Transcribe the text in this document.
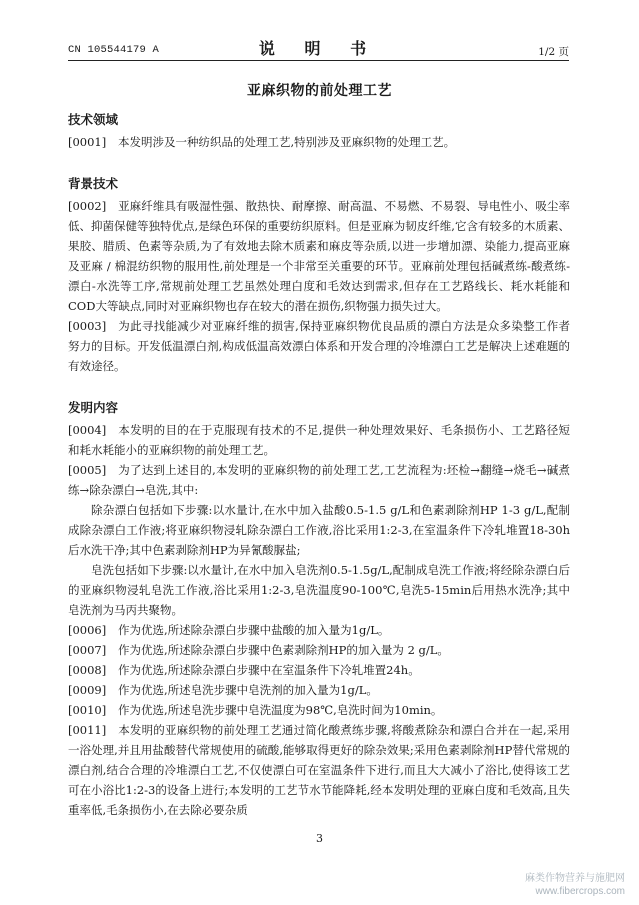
CN 105544179 A	说 明 书	1/2 页
亚麻织物的前处理工艺
技术领域

[0001] 本发明涉及一种纺织品的处理工艺,特别涉及亚麻织物的处理工艺。

背景技术

[0002] 亚麻纤维具有吸湿性强、散热快、耐摩擦、耐高温、不易燃、不易裂、导电性小、吸尘率低、抑菌保健等独特优点,是绿色环保的重要纺织原料。但是亚麻为韧皮纤维,它含有较多的木质素、果胶、腊质、色素等杂质,为了有效地去除木质素和麻皮等杂质,以进一步增加漂、染能力,提高亚麻及亚麻 / 棉混纺织物的服用性,前处理是一个非常至关重要的环节。亚麻前处理包括碱煮练-酸煮练-漂白-水洗等工序,常规前处理工艺虽然处理白度和毛效达到需求,但存在工艺路线长、耗水耗能和COD大等缺点,同时对亚麻织物也存在较大的潜在损伤,织物强力损失过大。

[0003] 为此寻找能减少对亚麻纤维的损害,保持亚麻织物优良品质的漂白方法是众多染整工作者努力的目标。开发低温漂白剂,构成低温高效漂白体系和开发合理的冷堆漂白工艺是解决上述难题的有效途径。

发明内容

[0004] 本发明的目的在于克服现有技术的不足,提供一种处理效果好、毛条损伤小、工艺路径短和耗水耗能小的亚麻织物的前处理工艺。

[0005] 为了达到上述目的,本发明的亚麻织物的前处理工艺,工艺流程为:坯检→翻缝→烧毛→碱煮练→除杂漂白→皂洗,其中:

除杂漂白包括如下步骤:以水量计,在水中加入盐酸0.5-1.5 g/L和色素剥除剂HP 1-3 g/L,配制成除杂漂白工作液;将亚麻织物浸轧除杂漂白工作液,浴比采用1:2-3,在室温条件下冷轧堆置18-30h后水洗干净;其中色素剥除剂HP为异氰酸脲盐;

皂洗包括如下步骤:以水量计,在水中加入皂洗剂0.5-1.5g/L,配制成皂洗工作液;将经除杂漂白后的亚麻织物浸轧皂洗工作液,浴比采用1:2-3,皂洗温度90-100℃,皂洗5-15min后用热水洗净;其中皂洗剂为马丙共聚物。

[0006] 作为优选,所述除杂漂白步骤中盐酸的加入量为1g/L。

[0007] 作为优选,所述除杂漂白步骤中色素剥除剂HP的加入量为 2 g/L。

[0008] 作为优选,所述除杂漂白步骤中在室温条件下冷轧堆置24h。

[0009] 作为优选,所述皂洗步骤中皂洗剂的加入量为1g/L。

[0010] 作为优选,所述皂洗步骤中皂洗温度为98℃,皂洗时间为10min。

[0011] 本发明的亚麻织物的前处理工艺通过简化酸煮练步骤,将酸煮除杂和漂白合并在一起,采用一浴处理,并且用盐酸替代常规使用的硫酸,能够取得更好的除杂效果;采用色素剥除剂HP替代常规的漂白剂,结合合理的冷堆漂白工艺,不仅使漂白可在室温条件下进行,而且大大减小了浴比,使得该工艺可在小浴比1:2-3的设备上进行;本发明的工艺节水节能降耗,经本发明处理的亚麻白度和毛效高,且失重率低,毛条损伤小,在去除必要杂质

3
麻类作物营养与施肥网
www.fibercrops.com
